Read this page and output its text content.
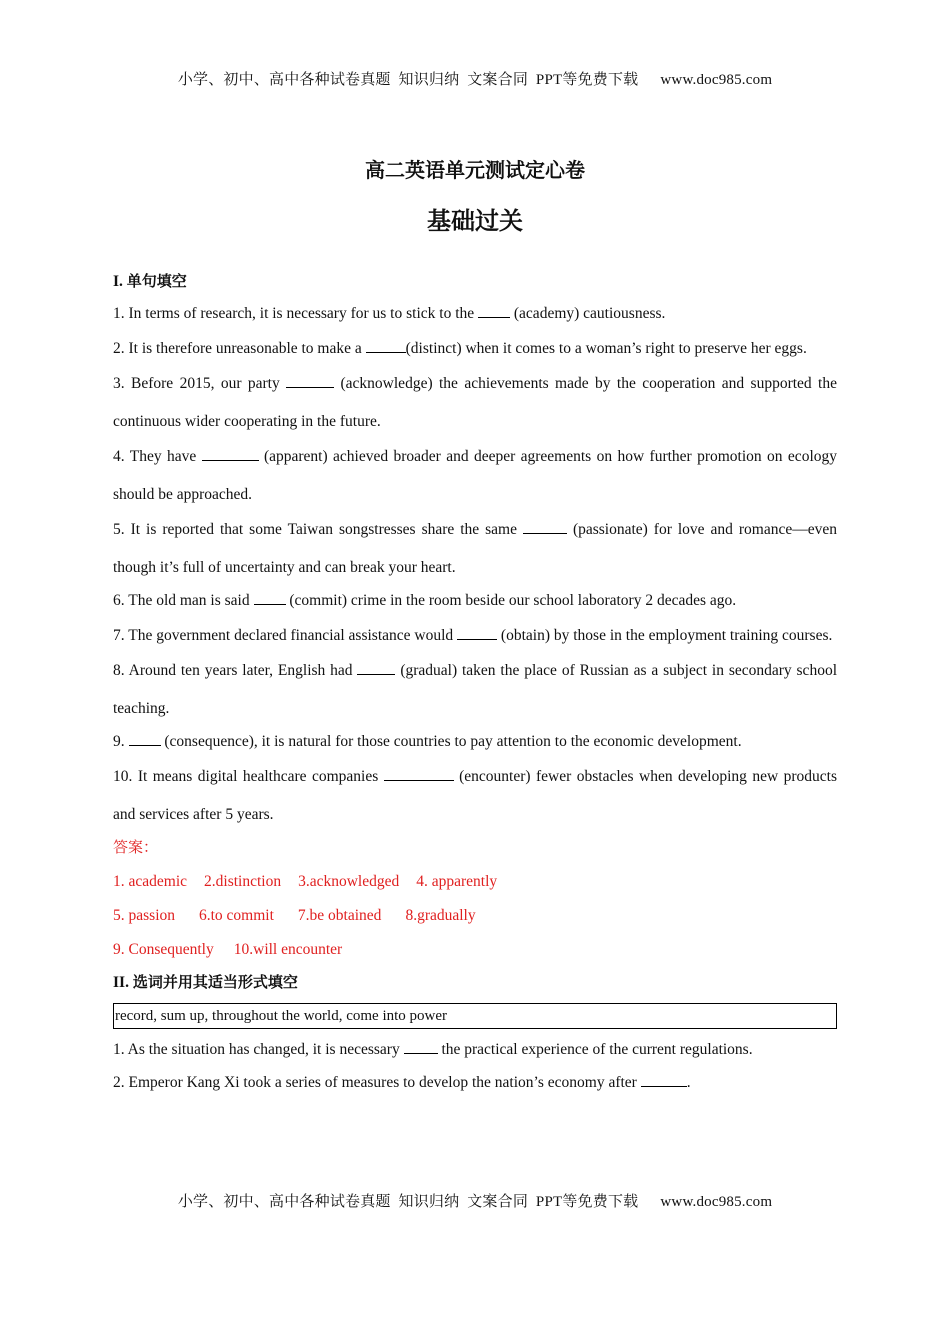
小学、初中、高中各种试卷真题  知识归纳  文案合同  PPT等免费下载 www.doc985.com
高二英语单元测试定心卷
基础过关
I. 单句填空
1. In terms of research, it is necessary for us to stick to the  (academy) cautiousness.
2. It is therefore unreasonable to make a	(distinct) when it comes to a woman’s right to preserve her eggs.
3. Before 2015, our party	(acknowledge) the achievements made by the cooperation and supported the continuous wider cooperating in the future.
4. They have	(apparent) achieved broader and deeper agreements on how further promotion on ecology should be approached.
5. It is reported that some Taiwan songstresses share the same	(passionate) for love and romance—even though it’s full of uncertainty and can break your heart.
6. The old man is said  (commit) crime in the room beside our school laboratory 2 decades ago.
7. The government declared financial assistance would	(obtain) by those in the employment training courses.
8. Around ten years later, English had  (gradual) taken the place of Russian as a subject in secondary school teaching.
9.  (consequence), it is natural for those countries to pay attention to the economic development.
10. It means digital healthcare companies	(encounter) fewer obstacles when developing new products and services after 5 years.
答案：
1. academic 2.distinction 3.acknowledged 4. apparently
5. passion 6.to commit 7.be obtained 8.gradually
9. Consequently 10.will encounter
II. 选词并用其适当形式填空
record, sum up, throughout the world, come into power
1. As the situation has changed, it is necessary  the practical experience of the current regulations.
2. Emperor Kang Xi took a series of measures to develop the nation’s economy after	.
小学、初中、高中各种试卷真题  知识归纳  文案合同  PPT等免费下载 www.doc985.com
